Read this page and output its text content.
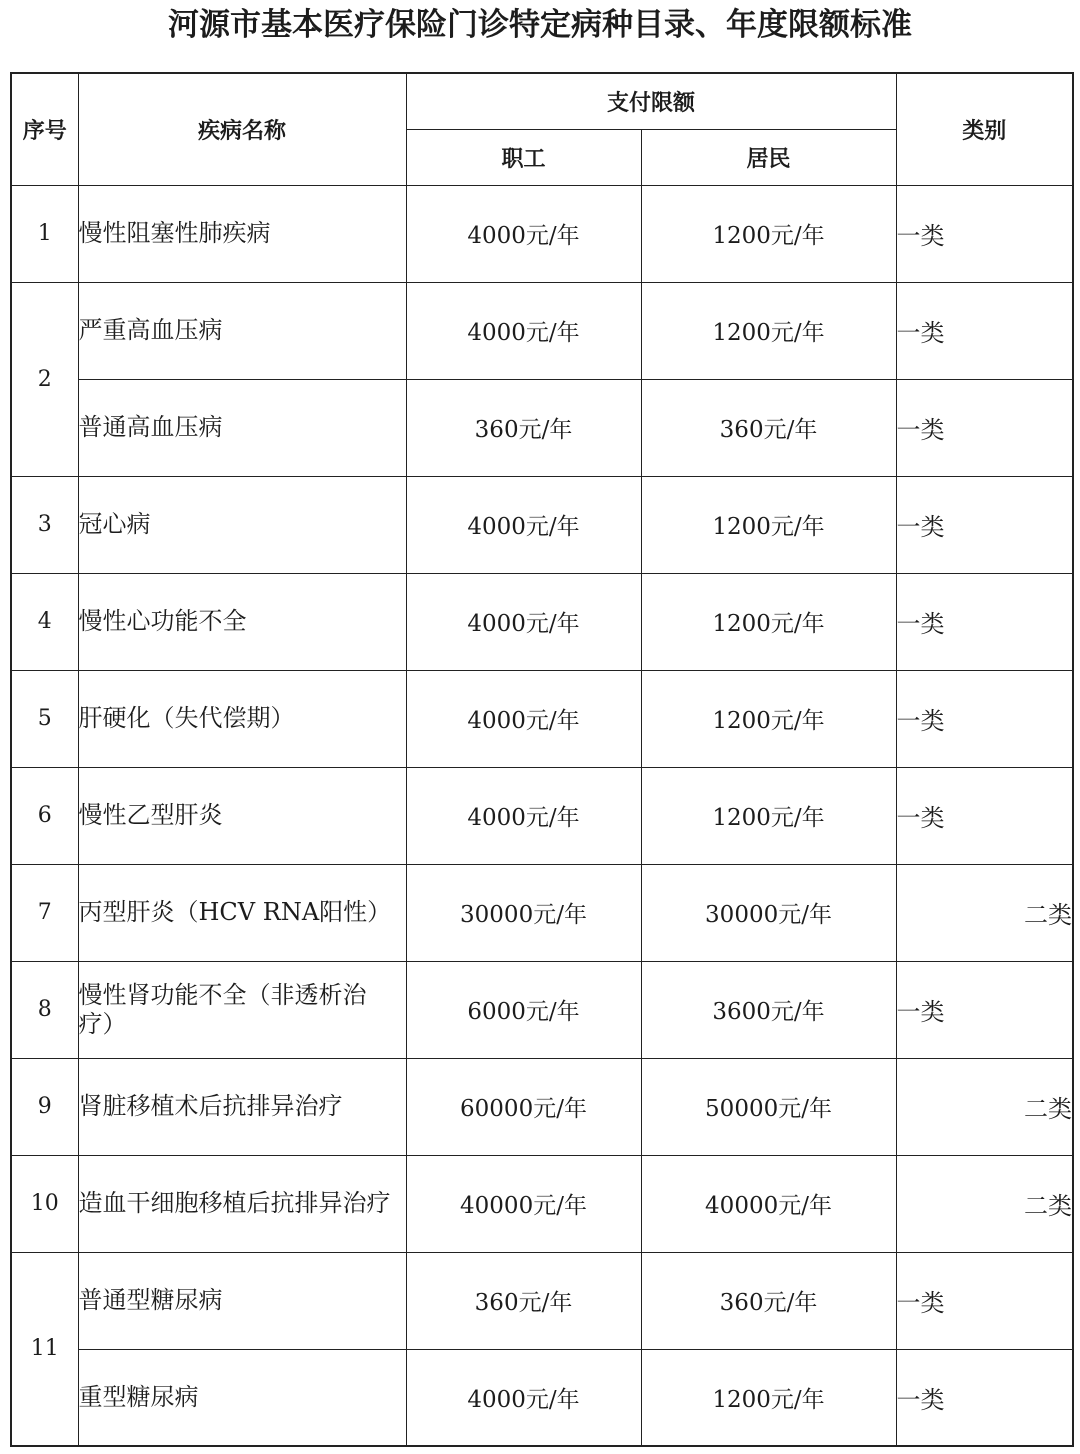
河源市基本医疗保险门诊特定病种目录、年度限额标准
序号	疾病名称	支付限额		类别
		职工	居民	
1	慢性阻塞性肺疾病	4000元/年	1200元/年	一类
2	严重高血压病	4000元/年	1200元/年	一类
	普通高血压病	360元/年	360元/年	一类
3	冠心病	4000元/年	1200元/年	一类
4	慢性心功能不全	4000元/年	1200元/年	一类
5	肝硬化（失代偿期）	4000元/年	1200元/年	一类
6	慢性乙型肝炎	4000元/年	1200元/年	一类
7	丙型肝炎（HCV RNA阳性）	30000元/年	30000元/年	二类
8	慢性肾功能不全（非透析治疗）	6000元/年	3600元/年	一类
9	肾脏移植术后抗排异治疗	60000元/年	50000元/年	二类
10	造血干细胞移植后抗排异治疗	40000元/年	40000元/年	二类
11	普通型糖尿病	360元/年	360元/年	一类
	重型糖尿病	4000元/年	1200元/年	一类
